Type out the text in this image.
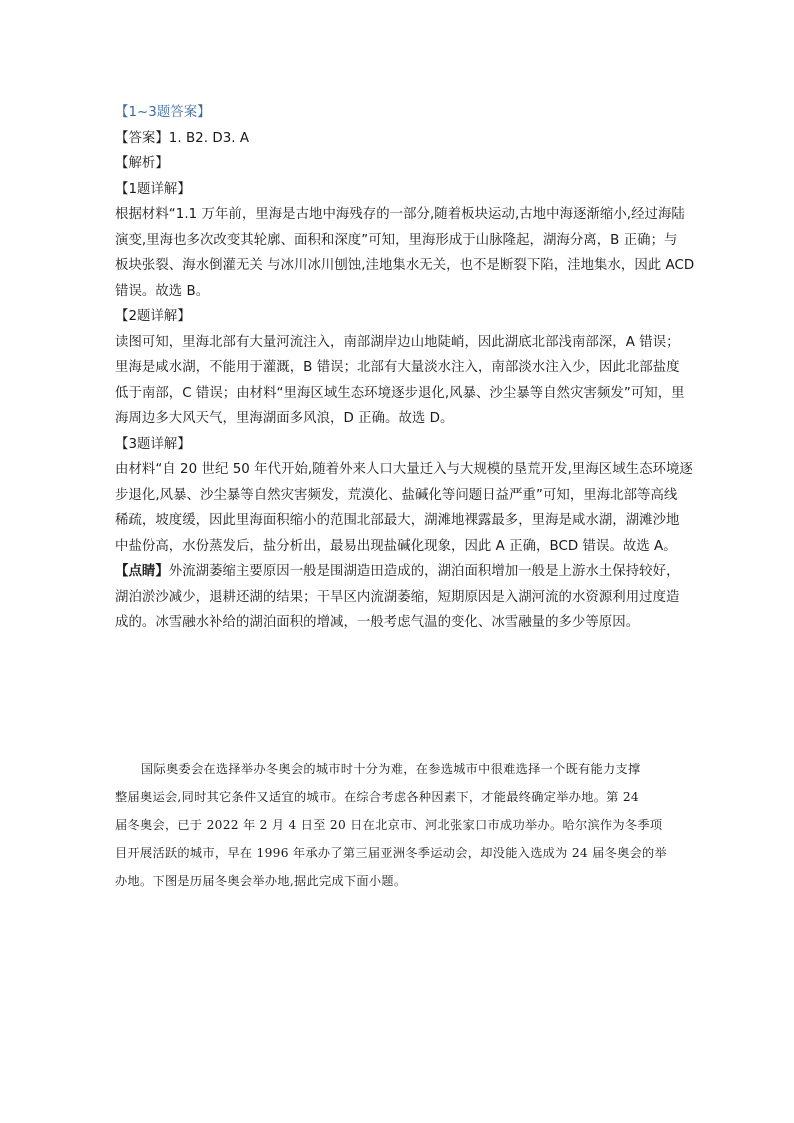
【1~3题答案】
【答案】1. B2. D3. A
【解析】
【1题详解】
根据材料“1.1 万年前，里海是古地中海残存的一部分,随着板块运动,古地中海逐渐缩小,经过海陆
演变,里海也多次改变其轮廓、面积和深度”可知，里海形成于山脉隆起，湖海分离，B 正确；与
板块张裂、海水倒灌无关 与冰川冰川刨蚀,洼地集水无关，也不是断裂下陷，洼地集水，因此 ACD
错误。故选 B。
【2题详解】
读图可知，里海北部有大量河流注入，南部湖岸边山地陡峭，因此湖底北部浅南部深，A 错误；
里海是咸水湖，不能用于灌溉，B 错误；北部有大量淡水注入，南部淡水注入少，因此北部盐度
低于南部，C 错误；由材料“里海区域生态环境逐步退化,风暴、沙尘暴等自然灾害频发”可知，里
海周边多大风天气，里海湖面多风浪，D 正确。故选 D。
【3题详解】
由材料“自 20 世纪 50 年代开始,随着外来人口大量迁入与大规模的垦荒开发,里海区域生态环境逐
步退化,风暴、沙尘暴等自然灾害频发，荒漠化、盐碱化等问题日益严重”可知，里海北部等高线
稀疏，坡度缓，因此里海面积缩小的范围北部最大，湖滩地裸露最多，里海是咸水湖，湖滩沙地
中盐份高，水份蒸发后，盐分析出，最易出现盐碱化现象，因此 A 正确，BCD 错误。故选 A。
【点睛】外流湖萎缩主要原因一般是围湖造田造成的，湖泊面积增加一般是上游水土保持较好，
湖泊淤沙减少，退耕还湖的结果；干旱区内流湖萎缩，短期原因是入湖河流的水资源利用过度造
成的。冰雪融水补给的湖泊面积的增减，一般考虑气温的变化、冰雪融量的多少等原因。
国际奥委会在选择举办冬奥会的城市时十分为难，在参选城市中很难选择一个既有能力支撑
整届奥运会,同时其它条件又适宜的城市。在综合考虑各种因素下，才能最终确定举办地。第 24
届冬奥会，已于 2022 年 2 月 4 日至 20 日在北京市、河北张家口市成功举办。哈尔滨作为冬季项
目开展活跃的城市，早在 1996 年承办了第三届亚洲冬季运动会，却没能入选成为 24 届冬奥会的举
办地。下图是历届冬奥会举办地,据此完成下面小题。
